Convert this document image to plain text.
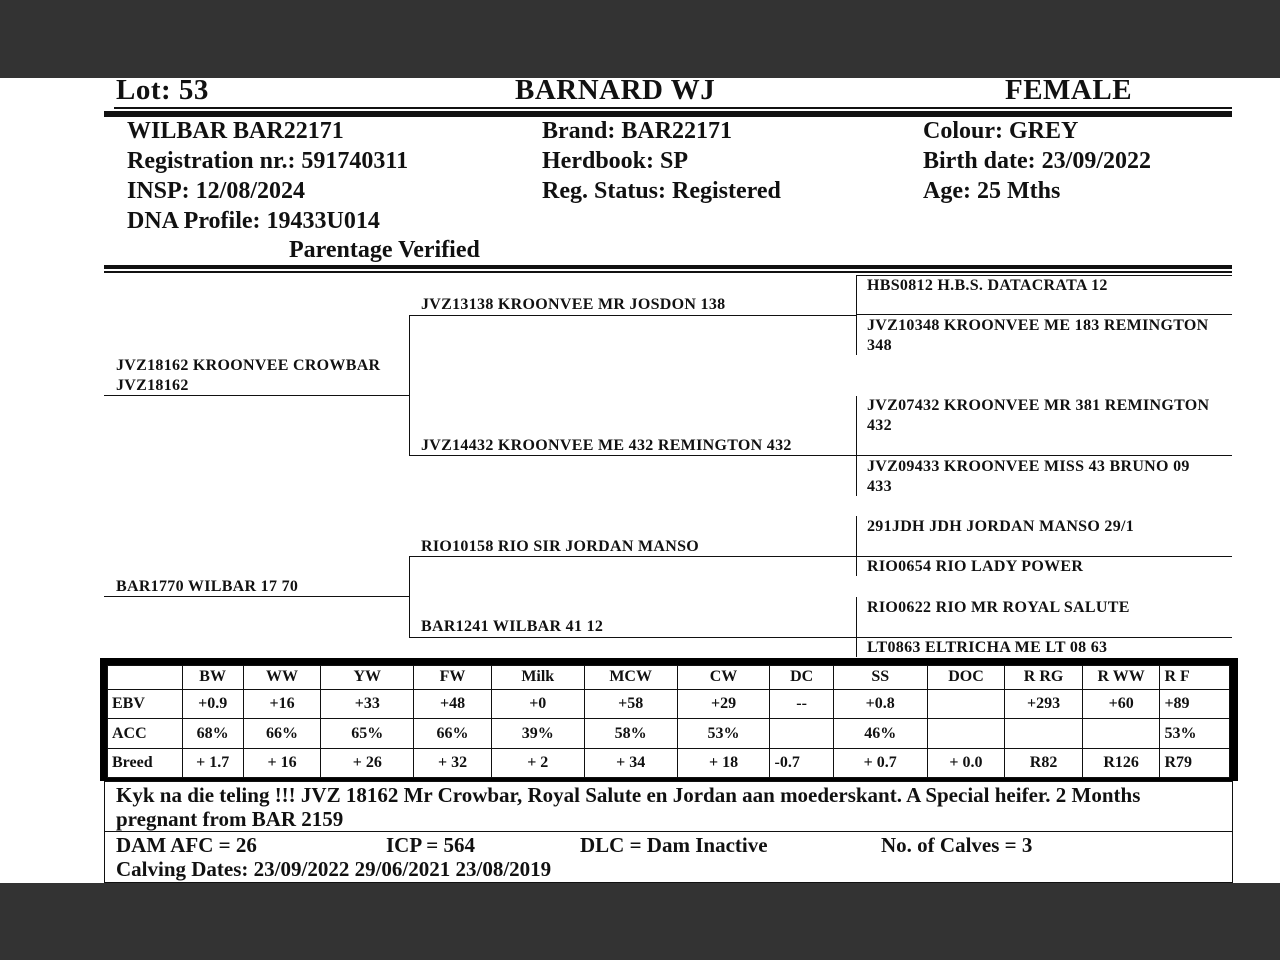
Lot: 53	BARNARD WJ	FEMALE
WILBAR BAR22171
Registration nr.: 591740311
INSP: 12/08/2024
DNA Profile: 19433U014
Parentage Verified
Brand: BAR22171
Herdbook: SP
Reg. Status: Registered
Colour: GREY
Birth date: 23/09/2022
Age: 25 Mths
JVZ18162 KROONVEE CROWBAR JVZ18162
BAR1770 WILBAR 17 70
JVZ13138 KROONVEE MR JOSDON 138
JVZ14432 KROONVEE ME 432 REMINGTON 432
RIO10158 RIO SIR JORDAN MANSO
BAR1241 WILBAR 41 12
HBS0812 H.B.S. DATACRATA 12
JVZ10348 KROONVEE ME 183 REMINGTON 348
JVZ07432 KROONVEE MR 381 REMINGTON 432
JVZ09433 KROONVEE MISS 43 BRUNO 09 433
291JDH JDH JORDAN MANSO 29/1
RIO0654 RIO LADY POWER
RIO0622 RIO MR ROYAL SALUTE
LT0863 ELTRICHA ME LT 08 63
	BW	WW	YW	FW	Milk	MCW	CW	DC	SS	DOC	R RG	R WW	R F
EBV	+0.9	+16	+33	+48	+0	+58	+29	--	+0.8		+293	+60	+89
ACC	68%	66%	65%	66%	39%	58%	53%		46%				53%
Breed	+ 1.7	+ 16	+ 26	+ 32	+ 2	+ 34	+ 18	-0.7	+ 0.7	+ 0.0	R82	R126	R79
Kyk na die teling !!! JVZ 18162 Mr Crowbar, Royal Salute en Jordan aan moederskant. A Special heifer. 2 Months pregnant from BAR 2159
DAM AFC = 26	ICP = 564	DLC = Dam Inactive	No. of Calves = 3
Calving Dates: 23/09/2022 29/06/2021 23/08/2019
